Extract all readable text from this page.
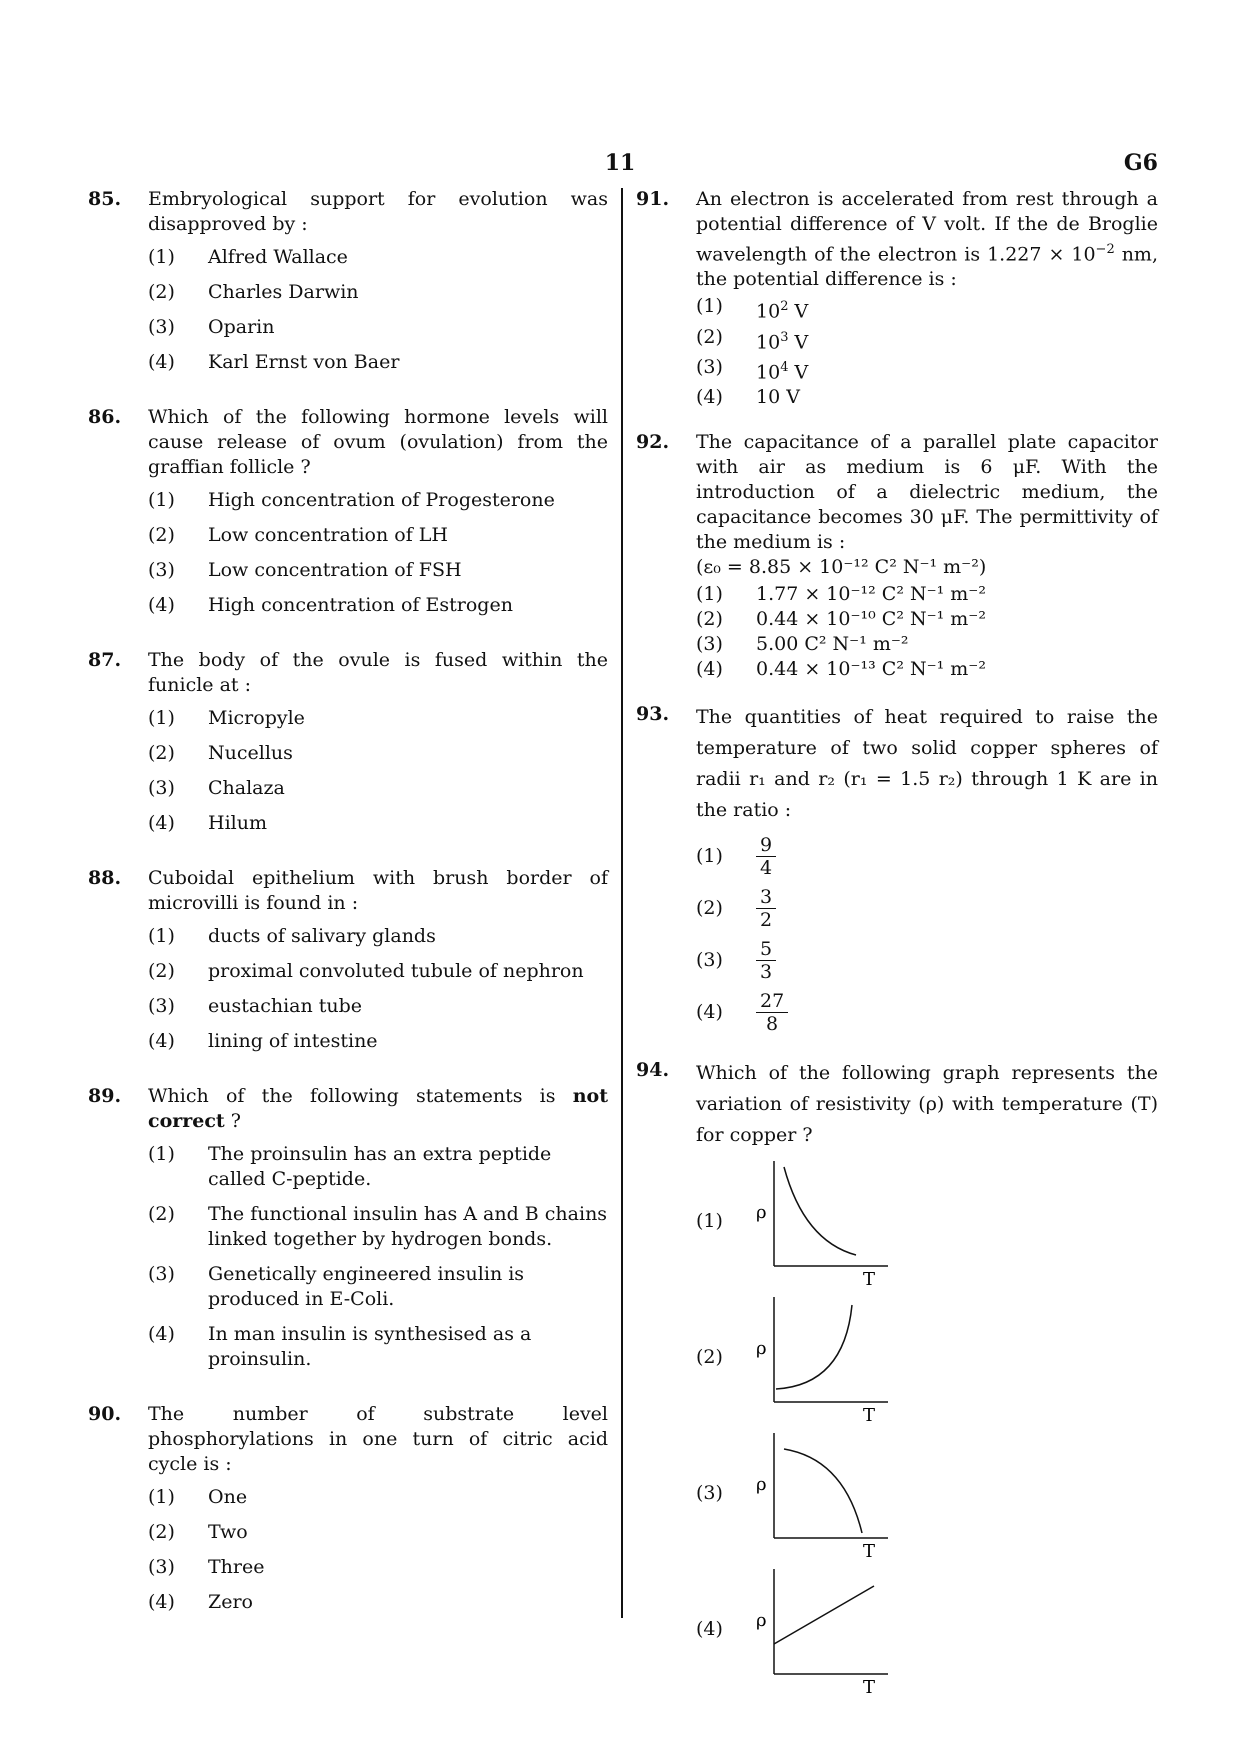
11	G6
85. Embryological support for evolution was disapproved by :
(1) Alfred Wallace
(2) Charles Darwin
(3) Oparin
(4) Karl Ernst von Baer
86. Which of the following hormone levels will cause release of ovum (ovulation) from the graffian follicle ?
(1) High concentration of Progesterone
(2) Low concentration of LH
(3) Low concentration of FSH
(4) High concentration of Estrogen
87. The body of the ovule is fused within the funicle at :
(1) Micropyle
(2) Nucellus
(3) Chalaza
(4) Hilum
88. Cuboidal epithelium with brush border of microvilli is found in :
(1) ducts of salivary glands
(2) proximal convoluted tubule of nephron
(3) eustachian tube
(4) lining of intestine
89. Which of the following statements is not correct ?
(1) The proinsulin has an extra peptide called C-peptide.
(2) The functional insulin has A and B chains linked together by hydrogen bonds.
(3) Genetically engineered insulin is produced in E-Coli.
(4) In man insulin is synthesised as a proinsulin.
90. The number of substrate level phosphorylations in one turn of citric acid cycle is :
(1) One
(2) Two
(3) Three
(4) Zero
91. An electron is accelerated from rest through a potential difference of V volt. If the de Broglie wavelength of the electron is $1.227 \times 10^{-2}$ nm, the potential difference is :
(1) $10^2$ V
(2) $10^3$ V
(3) $10^4$ V
(4) 10 V
92. The capacitance of a parallel plate capacitor with air as medium is 6 μF. With the introduction of a dielectric medium, the capacitance becomes 30 μF. The permittivity of the medium is :
(ε₀ = 8.85 × 10⁻¹² C² N⁻¹ m⁻²)
(1) 1.77 × 10⁻¹² C² N⁻¹ m⁻²
(2) 0.44 × 10⁻¹⁰ C² N⁻¹ m⁻²
(3) 5.00 C² N⁻¹ m⁻²
(4) 0.44 × 10⁻¹³ C² N⁻¹ m⁻²
93. The quantities of heat required to raise the temperature of two solid copper spheres of radii r₁ and r₂ (r₁ = 1.5 r₂) through 1 K are in the ratio :
$(1) \frac{9}{4}$
$(2) \frac{3}{2}$
$(3) \frac{5}{3}$
$(4) \frac{27}{8}$
94. Which of the following graph represents the variation of resistivity (ρ) with temperature (T) for copper ?
(1) ρ
T
(2) ρ
T
(3) ρ
T
(4) ρ
T
